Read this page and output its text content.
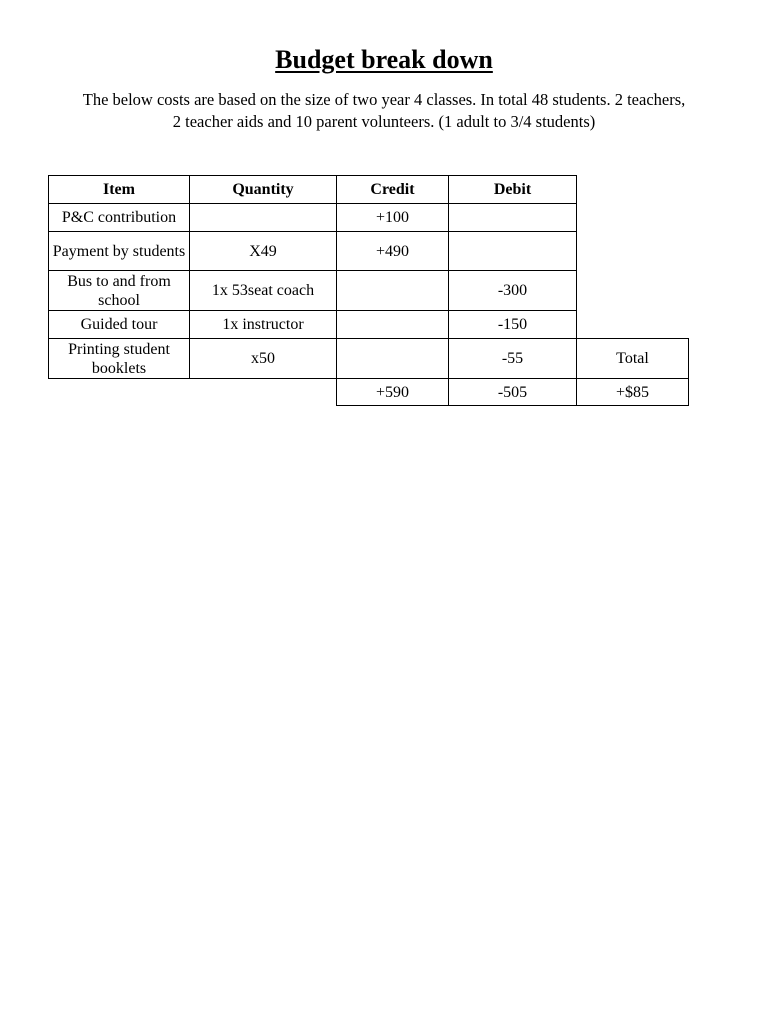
Budget break down
The below costs are based on the size of two year 4 classes. In total 48 students. 2 teachers,
2 teacher aids and 10 parent volunteers. (1 adult to 3/4 students)
Item	Quantity	Credit	Debit	
P&C contribution		+100		
Payment by students	X49	+490		
Bus to and from school	1x 53seat coach		-300	
Guided tour	1x instructor		-150	
Printing student booklets	x50		-55	Total
		+590	-505	+$85
